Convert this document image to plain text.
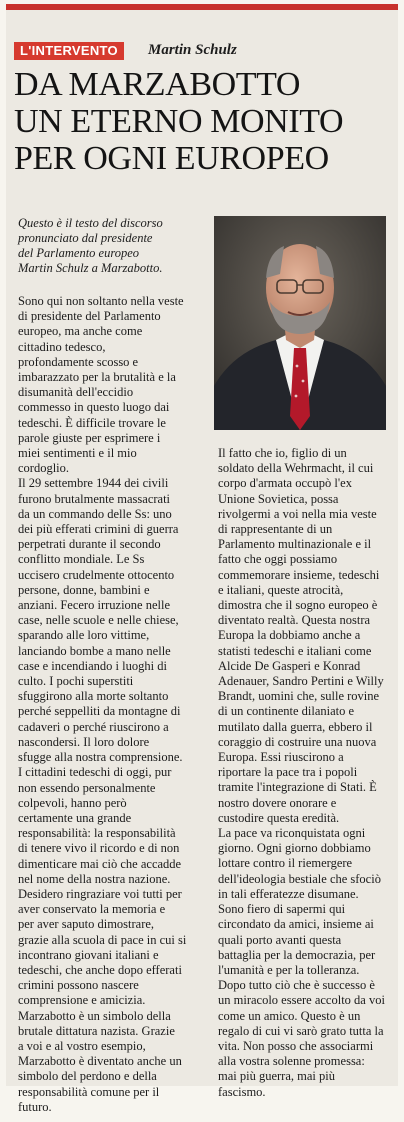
L'INTERVENTO	Martin Schulz
DA MARZABOTTO
UN ETERNO MONITO
PER OGNI EUROPEO
Questo è il testo del discorso
pronunciato dal presidente
del Parlamento europeo
Martin Schulz a Marzabotto.
Sono qui non soltanto nella veste
di presidente del Parlamento
europeo, ma anche come
cittadino tedesco,
profondamente scosso e
imbarazzato per la brutalità e la
disumanità dell'eccidio
commesso in questo luogo dai
tedeschi. È difficile trovare le
parole giuste per esprimere i
miei sentimenti e il mio
cordoglio.
Il 29 settembre 1944 dei civili
furono brutalmente massacrati
da un commando delle Ss: uno
dei più efferati crimini di guerra
perpetrati durante il secondo
conflitto mondiale. Le Ss
uccisero crudelmente ottocento
persone, donne, bambini e
anziani. Fecero irruzione nelle
case, nelle scuole e nelle chiese,
sparando alle loro vittime,
lanciando bombe a mano nelle
case e incendiando i luoghi di
culto. I pochi superstiti
sfuggirono alla morte soltanto
perché seppelliti da montagne di
cadaveri o perché riuscirono a
nascondersi. Il loro dolore
sfugge alla nostra comprensione.
I cittadini tedeschi di oggi, pur
non essendo personalmente
colpevoli, hanno però
certamente una grande
responsabilità: la responsabilità
di tenere vivo il ricordo e di non
dimenticare mai ciò che accadde
nel nome della nostra nazione.
Desidero ringraziare voi tutti per
aver conservato la memoria e
per aver saputo dimostrare,
grazie alla scuola di pace in cui si
incontrano giovani italiani e
tedeschi, che anche dopo efferati
crimini possono nascere
comprensione e amicizia.
Marzabotto è un simbolo della
brutale dittatura nazista. Grazie
a voi e al vostro esempio,
Marzabotto è diventato anche un
simbolo del perdono e della
responsabilità comune per il
futuro.
Il fatto che io, figlio di un
soldato della Wehrmacht, il cui
corpo d'armata occupò l'ex
Unione Sovietica, possa
rivolgermi a voi nella mia veste
di rappresentante di un
Parlamento multinazionale e il
fatto che oggi possiamo
commemorare insieme, tedeschi
e italiani, queste atrocità,
dimostra che il sogno europeo è
diventato realtà. Questa nostra
Europa la dobbiamo anche a
statisti tedeschi e italiani come
Alcide De Gasperi e Konrad
Adenauer, Sandro Pertini e Willy
Brandt, uomini che, sulle rovine
di un continente dilaniato e
mutilato dalla guerra, ebbero il
coraggio di costruire una nuova
Europa. Essi riuscirono a
riportare la pace tra i popoli
tramite l'integrazione di Stati. È
nostro dovere onorare e
custodire questa eredità.
La pace va riconquistata ogni
giorno. Ogni giorno dobbiamo
lottare contro il riemergere
dell'ideologia bestiale che sfociò
in tali efferatezze disumane.
Sono fiero di sapermi qui
circondato da amici, insieme ai
quali porto avanti questa
battaglia per la democrazia, per
l'umanità e per la tolleranza.
Dopo tutto ciò che è successo è
un miracolo essere accolto da voi
come un amico. Questo è un
regalo di cui vi sarò grato tutta la
vita. Non posso che associarmi
alla vostra solenne promessa:
mai più guerra, mai più
fascismo.
